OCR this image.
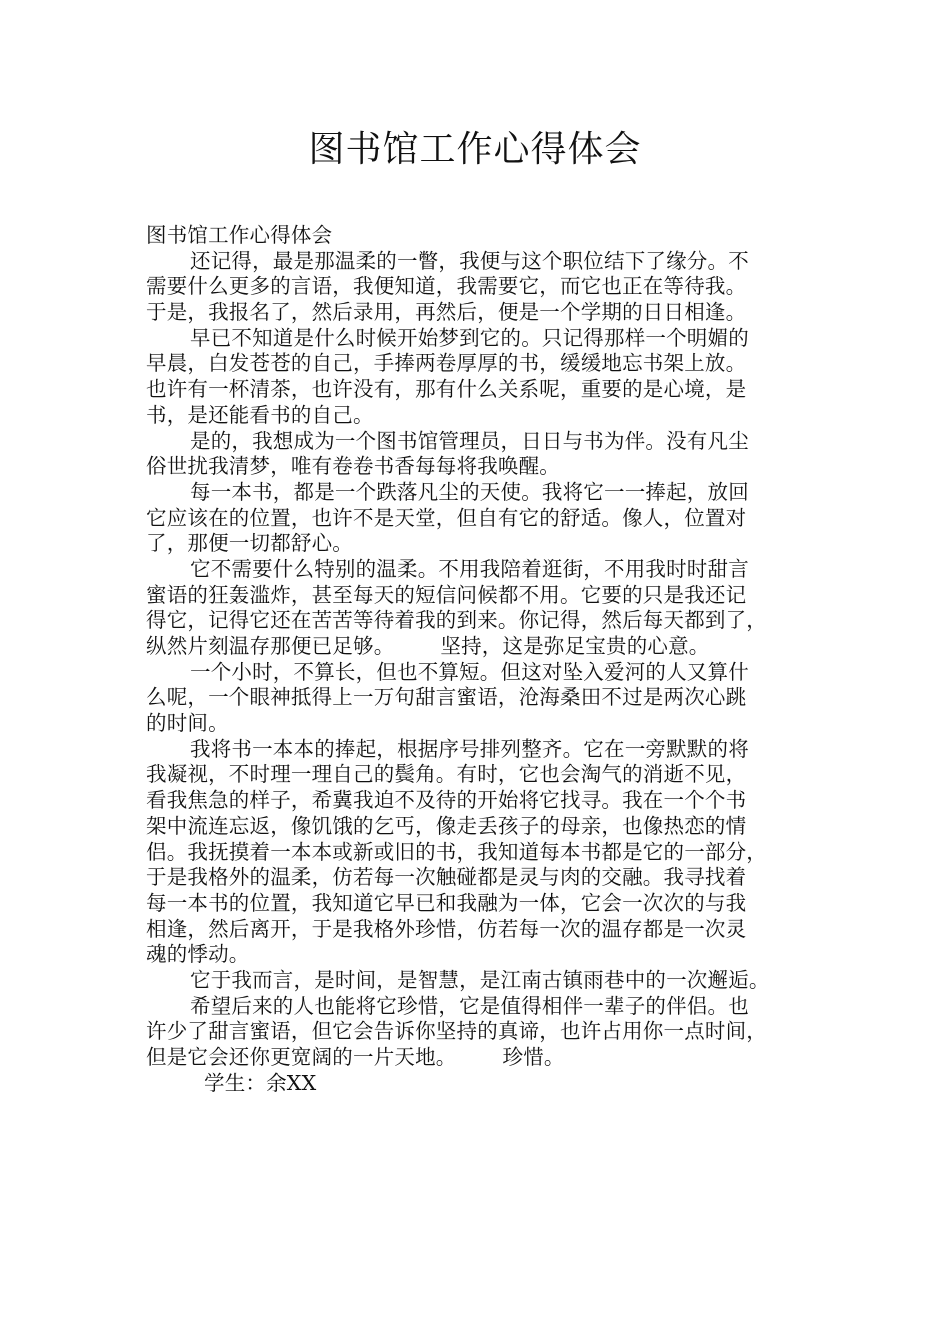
图书馆工作心得体会
图书馆工作心得体会
还记得，最是那温柔的一瞥，我便与这个职位结下了缘分。不
需要什么更多的言语，我便知道，我需要它，而它也正在等待我。
于是，我报名了，然后录用，再然后，便是一个学期的日日相逢。
早已不知道是什么时候开始梦到它的。只记得那样一个明媚的
早晨，白发苍苍的自己，手捧两卷厚厚的书，缓缓地忘书架上放。
也许有一杯清茶，也许没有，那有什么关系呢，重要的是心境，是
书，是还能看书的自己。
是的，我想成为一个图书馆管理员，日日与书为伴。没有凡尘
俗世扰我清梦，唯有卷卷书香每每将我唤醒。
每一本书，都是一个跌落凡尘的天使。我将它一一捧起，放回
它应该在的位置，也许不是天堂，但自有它的舒适。像人，位置对
了，那便一切都舒心。
它不需要什么特别的温柔。不用我陪着逛街，不用我时时甜言
蜜语的狂轰滥炸，甚至每天的短信问候都不用。它要的只是我还记
得它，记得它还在苦苦等待着我的到来。你记得，然后每天都到了，
纵然片刻温存那便已足够。 坚持，这是弥足宝贵的心意。
一个小时，不算长，但也不算短。但这对坠入爱河的人又算什
么呢，一个眼神抵得上一万句甜言蜜语，沧海桑田不过是两次心跳
的时间。
我将书一本本的捧起，根据序号排列整齐。它在一旁默默的将
我凝视，不时理一理自己的鬓角。有时，它也会淘气的消逝不见，
看我焦急的样子，希冀我迫不及待的开始将它找寻。我在一个个书
架中流连忘返，像饥饿的乞丐，像走丢孩子的母亲，也像热恋的情
侣。我抚摸着一本本或新或旧的书，我知道每本书都是它的一部分，
于是我格外的温柔，仿若每一次触碰都是灵与肉的交融。我寻找着
每一本书的位置，我知道它早已和我融为一体，它会一次次的与我
相逢，然后离开，于是我格外珍惜，仿若每一次的温存都是一次灵
魂的悸动。
它于我而言，是时间，是智慧，是江南古镇雨巷中的一次邂逅。
希望后来的人也能将它珍惜，它是值得相伴一辈子的伴侣。也
许少了甜言蜜语，但它会告诉你坚持的真谛，也许占用你一点时间，
但是它会还你更宽阔的一片天地。 珍惜。
学生：余XX
